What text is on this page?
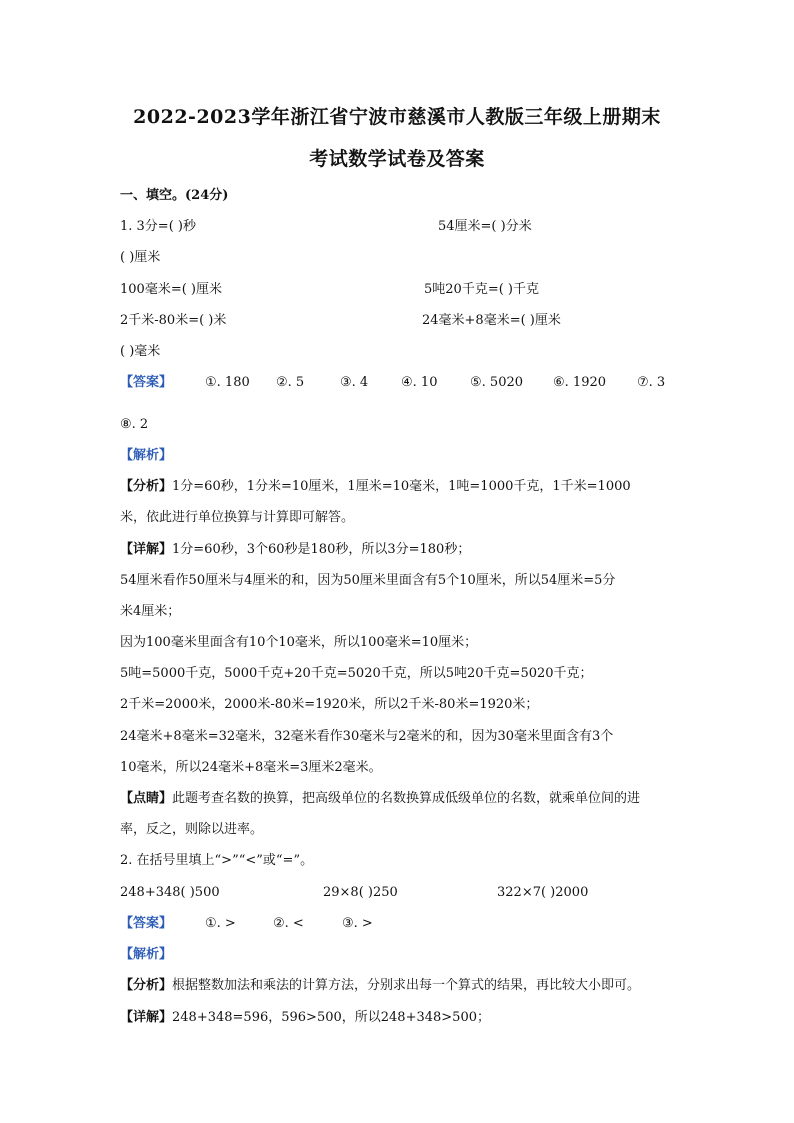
2022-2023学年浙江省宁波市慈溪市人教版三年级上册期末
考试数学试卷及答案
一、填空。(24分)
1. 3分=( )秒	54厘米=( )分米
( )厘米
100毫米=( )厘米	5吨20千克=( )千克
2千米-80米=( )米	24毫米+8毫米=( )厘米
( )毫米
【答案】	①. 180 ②. 5	③. 4	④. 10	⑤. 5020 ⑥. 1920 ⑦. 3
⑧. 2
【解析】
【分析】1分=60秒，1分米=10厘米，1厘米=10毫米，1吨=1000千克，1千米=1000
米，依此进行单位换算与计算即可解答。
【详解】1分=60秒，3个60秒是180秒，所以3分=180秒；
54厘米看作50厘米与4厘米的和，因为50厘米里面含有5个10厘米，所以54厘米=5分
米4厘米；
因为100毫米里面含有10个10毫米，所以100毫米=10厘米；
5吨=5000千克，5000千克+20千克=5020千克，所以5吨20千克=5020千克；
2千米=2000米，2000米-80米=1920米，所以2千米-80米=1920米；
24毫米+8毫米=32毫米，32毫米看作30毫米与2毫米的和，因为30毫米里面含有3个
10毫米，所以24毫米+8毫米=3厘米2毫米。
【点睛】此题考查名数的换算，把高级单位的名数换算成低级单位的名数，就乘单位间的进
率，反之，则除以进率。
2. 在括号里填上“>”“<”或“=”。
248+348( )500	29×8( )250	322×7( )2000
【答案】	①. >	②. <	③. >
【解析】
【分析】根据整数加法和乘法的计算方法，分别求出每一个算式的结果，再比较大小即可。
【详解】248+348=596，596>500，所以248+348>500；
